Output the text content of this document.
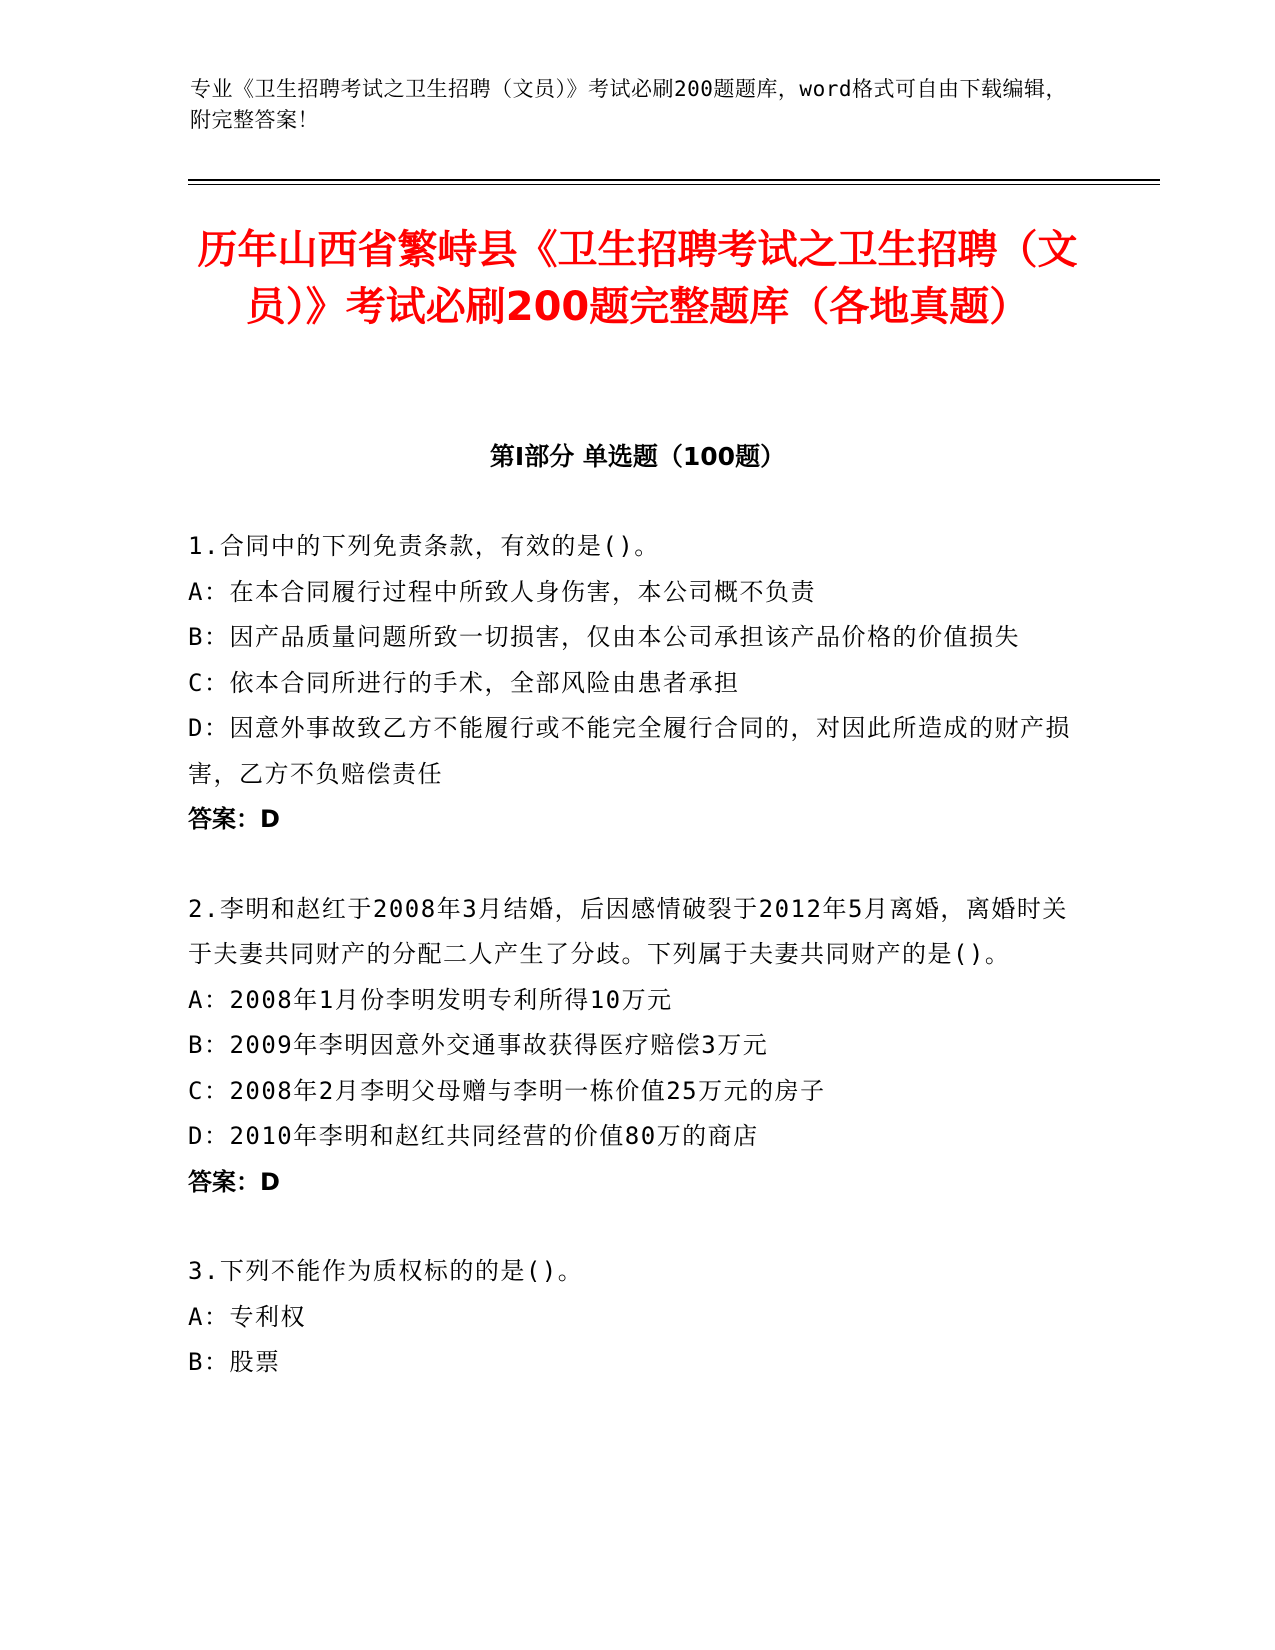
专业《卫生招聘考试之卫生招聘（文员）》考试必刷200题题库，word格式可自由下载编辑，附完整答案！
历年山西省繁峙县《卫生招聘考试之卫生招聘（文员）》考试必刷200题完整题库（各地真题）
第I部分 单选题（100题）
1.合同中的下列免责条款，有效的是()。
A：在本合同履行过程中所致人身伤害，本公司概不负责
B：因产品质量问题所致一切损害，仅由本公司承担该产品价格的价值损失
C：依本合同所进行的手术，全部风险由患者承担
D：因意外事故致乙方不能履行或不能完全履行合同的，对因此所造成的财产损害，乙方不负赔偿责任
答案：D
2.李明和赵红于2008年3月结婚，后因感情破裂于2012年5月离婚，离婚时关于夫妻共同财产的分配二人产生了分歧。下列属于夫妻共同财产的是()。
A：2008年1月份李明发明专利所得10万元
B：2009年李明因意外交通事故获得医疗赔偿3万元
C：2008年2月李明父母赠与李明一栋价值25万元的房子
D：2010年李明和赵红共同经营的价值80万的商店
答案：D
3.下列不能作为质权标的的是()。
A：专利权
B：股票
